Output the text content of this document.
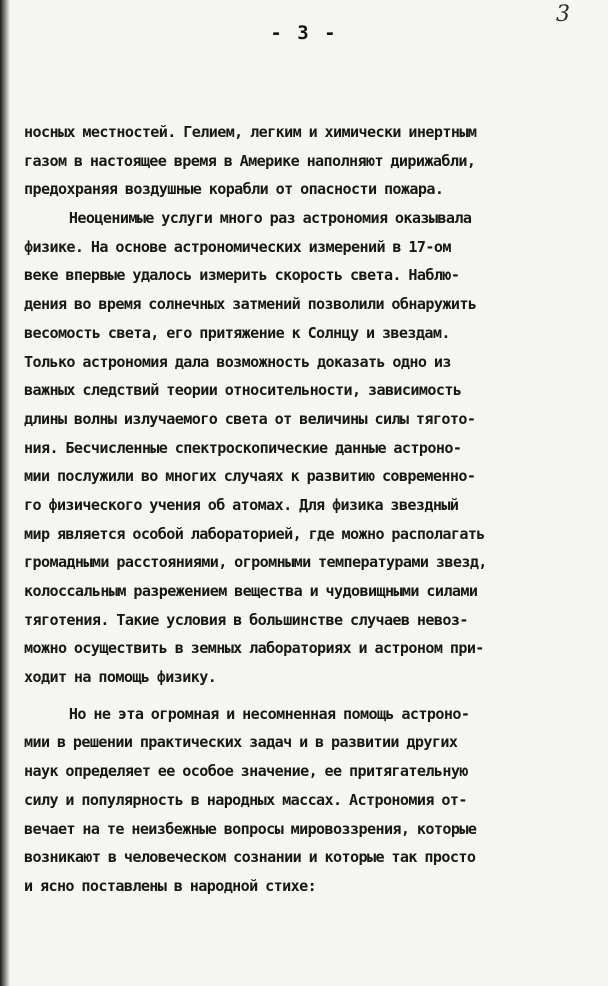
3
- 3 -
носных местностей. Гелием, легким и химически инертным
газом в настоящее время в Америке наполняют дирижабли,
предохраняя воздушные корабли от опасности пожара.
Неоценимые услуги много раз астрономия оказывала
физике. На основе астрономических измерений в 17-ом
веке впервые удалось измерить скорость света. Наблю-
дения во время солнечных затмений позволили обнаружить
весомость света, его притяжение к Солнцу и звездам.
Только астрономия дала возможность доказать одно из
важных следствий теории относительности, зависимость
длины волны излучаемого света от величины силы тягото-
ния. Бесчисленные спектроскопические данные астроно-
мии послужили во многих случаях к развитию современно-
го физического учения об атомах. Для физика звездный
мир является особой лабораторией, где можно располагать
громадными расстояниями, огромными температурами звезд,
колоссальным разрежением вещества и чудовищными силами
тяготения. Такие условия в большинстве случаев невоз-
можно осуществить в земных лабораториях и астроном при-
ходит на помощь физику.
Но не эта огромная и несомненная помощь астроно-
мии в решении практических задач и в развитии других
наук определяет ее особое значение, ее притягательную
силу и популярность в народных массах. Астрономия от-
вечает на те неизбежные вопросы мировоззрения, которые
возникают в человеческом сознании и которые так просто
и ясно поставлены в народной стихе:
